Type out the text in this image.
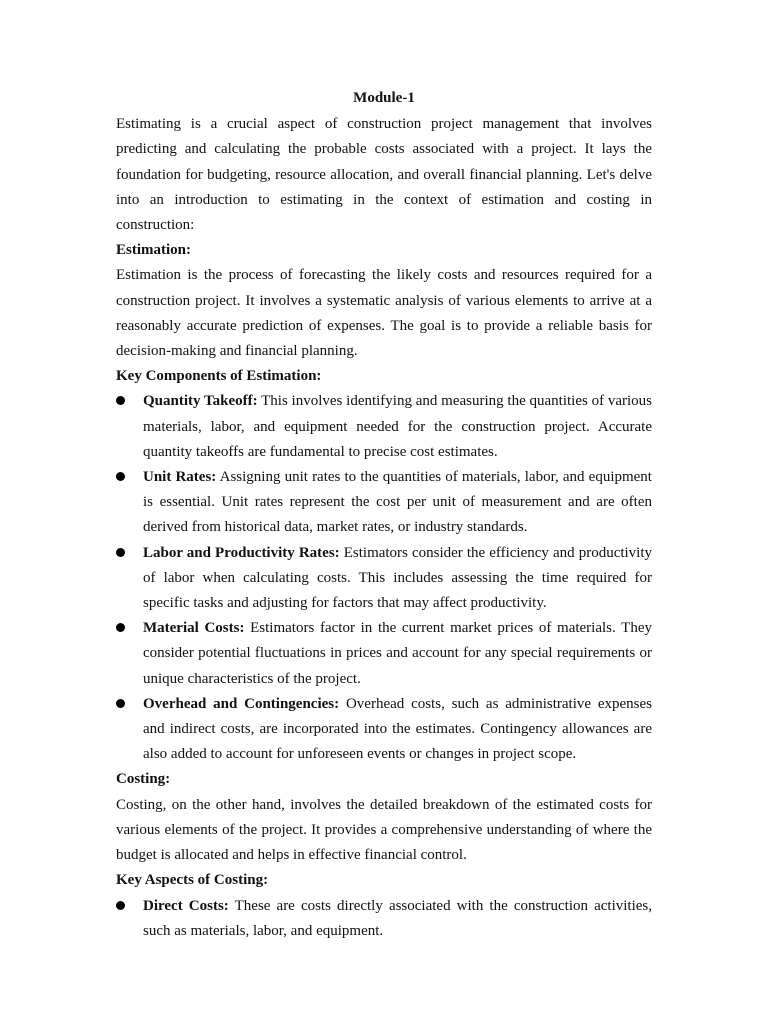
Module-1

Estimating is a crucial aspect of construction project management that involves predicting and calculating the probable costs associated with a project. It lays the foundation for budgeting, resource allocation, and overall financial planning. Let's delve into an introduction to estimating in the context of estimation and costing in construction:

Estimation:

Estimation is the process of forecasting the likely costs and resources required for a construction project. It involves a systematic analysis of various elements to arrive at a reasonably accurate prediction of expenses. The goal is to provide a reliable basis for decision-making and financial planning.

Key Components of Estimation:

Quantity Takeoff: This involves identifying and measuring the quantities of various materials, labor, and equipment needed for the construction project. Accurate quantity takeoffs are fundamental to precise cost estimates.
Unit Rates: Assigning unit rates to the quantities of materials, labor, and equipment is essential. Unit rates represent the cost per unit of measurement and are often derived from historical data, market rates, or industry standards.
Labor and Productivity Rates: Estimators consider the efficiency and productivity of labor when calculating costs. This includes assessing the time required for specific tasks and adjusting for factors that may affect productivity.
Material Costs: Estimators factor in the current market prices of materials. They consider potential fluctuations in prices and account for any special requirements or unique characteristics of the project.
Overhead and Contingencies: Overhead costs, such as administrative expenses and indirect costs, are incorporated into the estimates. Contingency allowances are also added to account for unforeseen events or changes in project scope.

Costing:

Costing, on the other hand, involves the detailed breakdown of the estimated costs for various elements of the project. It provides a comprehensive understanding of where the budget is allocated and helps in effective financial control.

Key Aspects of Costing:

Direct Costs: These are costs directly associated with the construction activities, such as materials, labor, and equipment.
